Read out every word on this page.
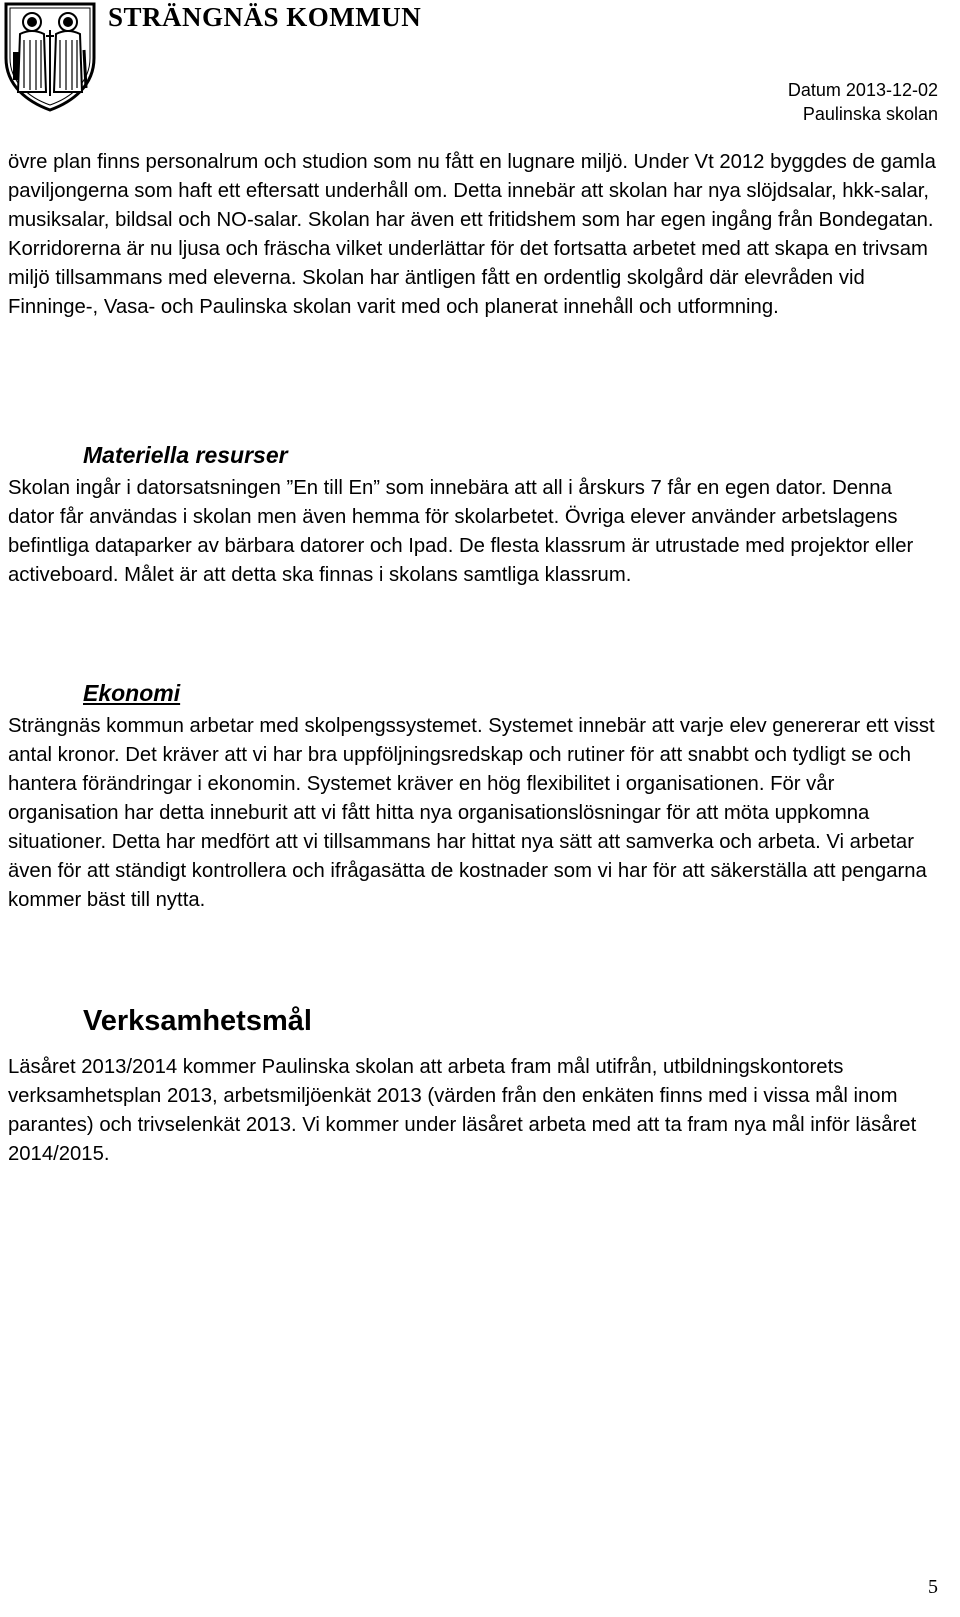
STRÄNGNÄS KOMMUN
Datum 2013-12-02
Paulinska skolan

övre plan finns personalrum och studion som nu fått en lugnare miljö. Under Vt 2012 byggdes de gamla paviljongerna som haft ett eftersatt underhåll om. Detta innebär att skolan har nya slöjdsalar, hkk-salar, musiksalar, bildsal och NO-salar. Skolan har även ett fritidshem som har egen ingång från Bondegatan. Korridorerna är nu ljusa och fräscha vilket underlättar för det fortsatta arbetet med att skapa en trivsam miljö tillsammans med eleverna. Skolan har äntligen fått en ordentlig skolgård där elevråden vid Finninge-, Vasa- och Paulinska skolan varit med och planerat innehåll och utformning.

Materiella resurser

Skolan ingår i datorsatsningen ”En till En” som innebära att all i årskurs 7 får en egen dator. Denna dator får användas i skolan men även hemma för skolarbetet. Övriga elever använder arbetslagens befintliga dataparker av bärbara datorer och Ipad. De flesta klassrum är utrustade med projektor eller activeboard. Målet är att detta ska finnas i skolans samtliga klassrum.

Ekonomi

Strängnäs kommun arbetar med skolpengssystemet. Systemet innebär att varje elev genererar ett visst antal kronor. Det kräver att vi har bra uppföljningsredskap och rutiner för att snabbt och tydligt se och hantera förändringar i ekonomin. Systemet kräver en hög flexibilitet i organisationen. För vår organisation har detta inneburit att vi fått hitta nya organisationslösningar för att möta uppkomna situationer. Detta har medfört att vi tillsammans har hittat nya sätt att samverka och arbeta. Vi arbetar även för att ständigt kontrollera och ifrågasätta de kostnader som vi har för att säkerställa att pengarna kommer bäst till nytta.

Verksamhetsmål

Läsåret 2013/2014 kommer Paulinska skolan att arbeta fram mål utifrån, utbildningskontorets verksamhetsplan 2013, arbetsmiljöenkät 2013 (värden från den enkäten finns med i vissa mål inom parantes) och trivselenkät 2013. Vi kommer under läsåret arbeta med att ta fram nya mål inför läsåret 2014/2015.

5
